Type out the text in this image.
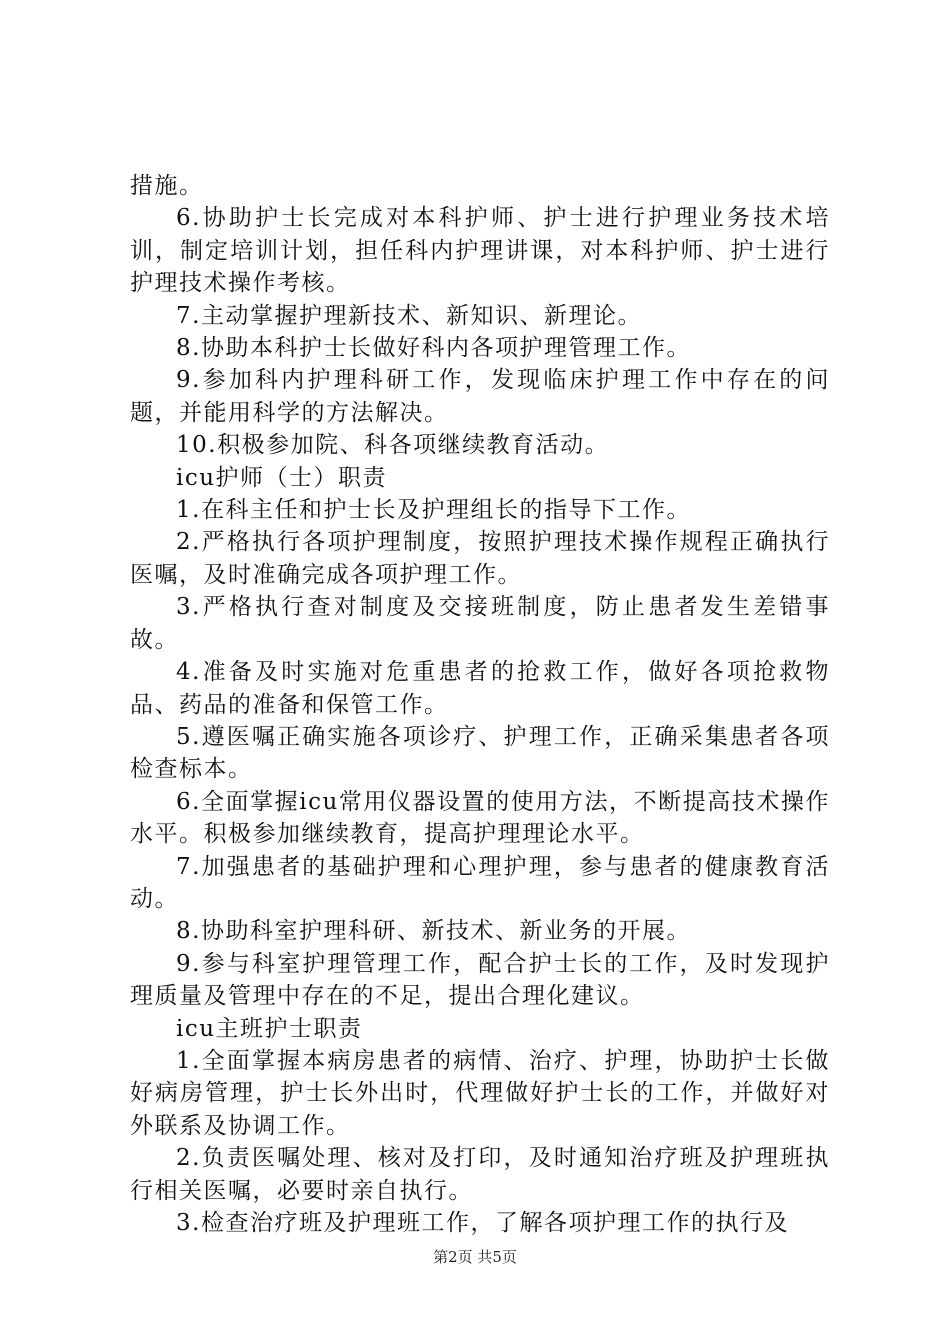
措施。

6.协助护士长完成对本科护师、护士进行护理业务技术培训，制定培训计划，担任科内护理讲课，对本科护师、护士进行护理技术操作考核。

7.主动掌握护理新技术、新知识、新理论。

8.协助本科护士长做好科内各项护理管理工作。

9.参加科内护理科研工作，发现临床护理工作中存在的问题，并能用科学的方法解决。

10.积极参加院、科各项继续教育活动。

icu护师（士）职责

1.在科主任和护士长及护理组长的指导下工作。

2.严格执行各项护理制度，按照护理技术操作规程正确执行医嘱，及时准确完成各项护理工作。

3.严格执行查对制度及交接班制度，防止患者发生差错事故。

4.准备及时实施对危重患者的抢救工作，做好各项抢救物品、药品的准备和保管工作。

5.遵医嘱正确实施各项诊疗、护理工作，正确采集患者各项检查标本。

6.全面掌握icu常用仪器设置的使用方法，不断提高技术操作水平。积极参加继续教育，提高护理理论水平。

7.加强患者的基础护理和心理护理，参与患者的健康教育活动。

8.协助科室护理科研、新技术、新业务的开展。

9.参与科室护理管理工作，配合护士长的工作，及时发现护理质量及管理中存在的不足，提出合理化建议。

icu主班护士职责

1.全面掌握本病房患者的病情、治疗、护理，协助护士长做好病房管理，护士长外出时，代理做好护士长的工作，并做好对外联系及协调工作。

2.负责医嘱处理、核对及打印，及时通知治疗班及护理班执行相关医嘱，必要时亲自执行。

3.检查治疗班及护理班工作，了解各项护理工作的执行及

第2页 共5页
